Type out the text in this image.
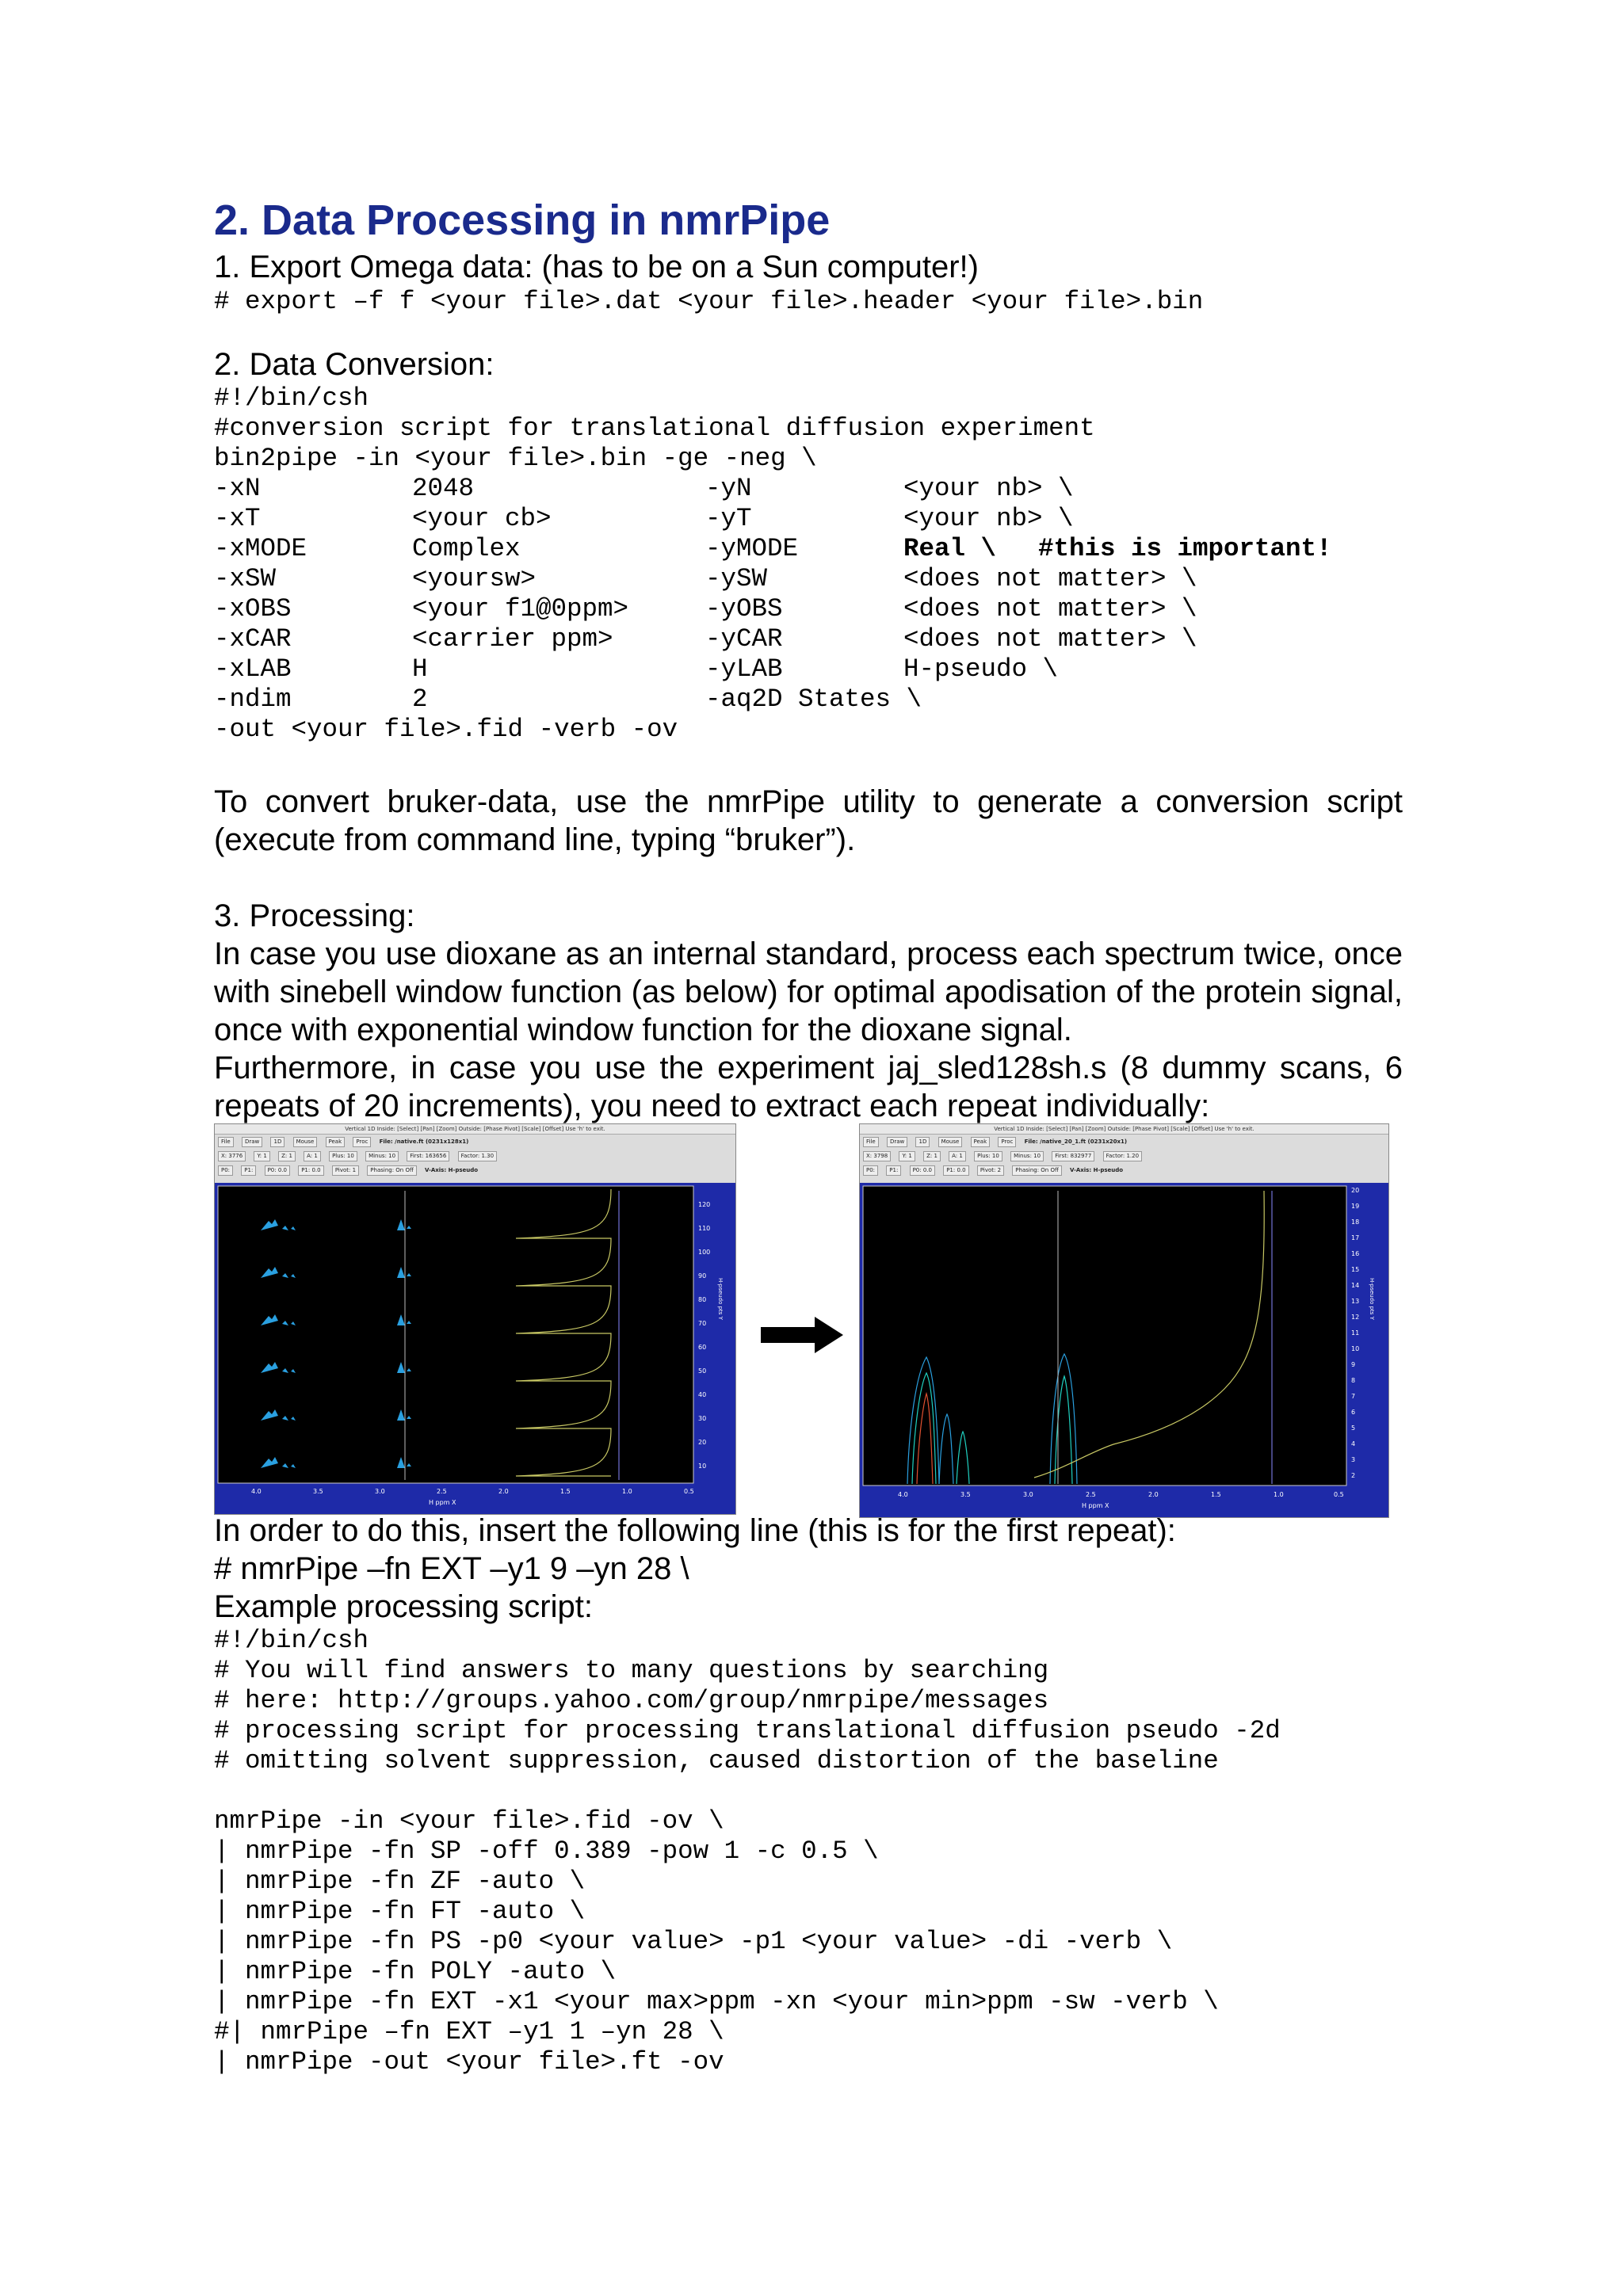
2. Data Processing in nmrPipe
1. Export Omega data: (has to be on a Sun computer!)
# export –f f <your file>.dat <your file>.header <your file>.bin
2. Data Conversion:
#!/bin/csh
#conversion script for translational diffusion experiment
bin2pipe -in <your file>.bin -ge -neg \
-xN	2048	-yN	<your nb> \
-xT	<your cb>	-yT	<your nb> \
-xMODE	Complex	-yMODE	Real \ #this is important!
-xSW	<yoursw>	-ySW	<does not matter> \
-xOBS	<your f1@0ppm>	-yOBS	<does not matter> \
-xCAR	<carrier ppm>	-yCAR	<does not matter> \
-xLAB	H	-yLAB	H-pseudo \
-ndim	2	-aq2D States \
-out <your file>.fid -verb -ov
To convert bruker-data, use the nmrPipe utility to generate a conversion script (execute from command line, typing “bruker”).
3. Processing:
In case you use dioxane as an internal standard, process each spectrum twice, once with sinebell window function (as below) for optimal apodisation of the protein signal, once with exponential window function for the dioxane signal.
Furthermore, in case you use the experiment jaj_sled128sh.s (8 dummy scans, 6 repeats of 20 increments), you need to extract each repeat individually:
Vertical 1D Inside: [Select] [Pan] [Zoom] Outside: [Phase Pivot] [Scale] [Offset] Use 'h' to exit.
File	Draw	1D	Mouse	Peak	Proc File: /native.ft (0231x128x1)
X: 3776	Y: 1	Z: 1	A: 1	Plus: 10	Minus: 10	First: 163656	Factor: 1.30
P0:	P1:	P0: 0.0	P1: 0.0	Pivot: 1	Phasing: On Off V-Axis: H-pseudo
120
110
100
90
80
70
60
50
40
30
20
10
H-pseudo pts Y
4.0	3.5	3.0	2.5	2.0	1.5	1.0	0.5
H ppm X
Vertical 1D Inside: [Select] [Pan] [Zoom] Outside: [Phase Pivot] [Scale] [Offset] Use 'h' to exit.
File	Draw	1D	Mouse	Peak	Proc File: /native_20_1.ft (0231x20x1)
X: 3798	Y: 1	Z: 1	A: 1	Plus: 10	Minus: 10	First: 832977	Factor: 1.20
P0:	P1:	P0: 0.0	P1: 0.0	Pivot: 2	Phasing: On Off V-Axis: H-pseudo
20
19
18
17
16
15
14
13
12
11
10
9
8
7
6
5
4
3
2
H-pseudo pts Y
4.0	3.5	3.0	2.5	2.0	1.5	1.0	0.5
H ppm X
In order to do this, insert the following line (this is for the first repeat):
# nmrPipe –fn EXT –y1 9 –yn 28 \
Example processing script:
#!/bin/csh
# You will find answers to many questions by searching
# here: http://groups.yahoo.com/group/nmrpipe/messages
# processing script for processing translational diffusion pseudo -2d
# omitting solvent suppression, caused distortion of the baseline
nmrPipe -in <your file>.fid -ov \
| nmrPipe -fn SP -off 0.389 -pow 1 -c 0.5 \
| nmrPipe -fn ZF -auto \
| nmrPipe -fn FT -auto \
| nmrPipe -fn PS -p0 <your value> -p1 <your value> -di -verb \
| nmrPipe -fn POLY -auto \
| nmrPipe -fn EXT -x1 <your max>ppm -xn <your min>ppm -sw -verb \
#| nmrPipe –fn EXT –y1 1 –yn 28 \
| nmrPipe -out <your file>.ft -ov
